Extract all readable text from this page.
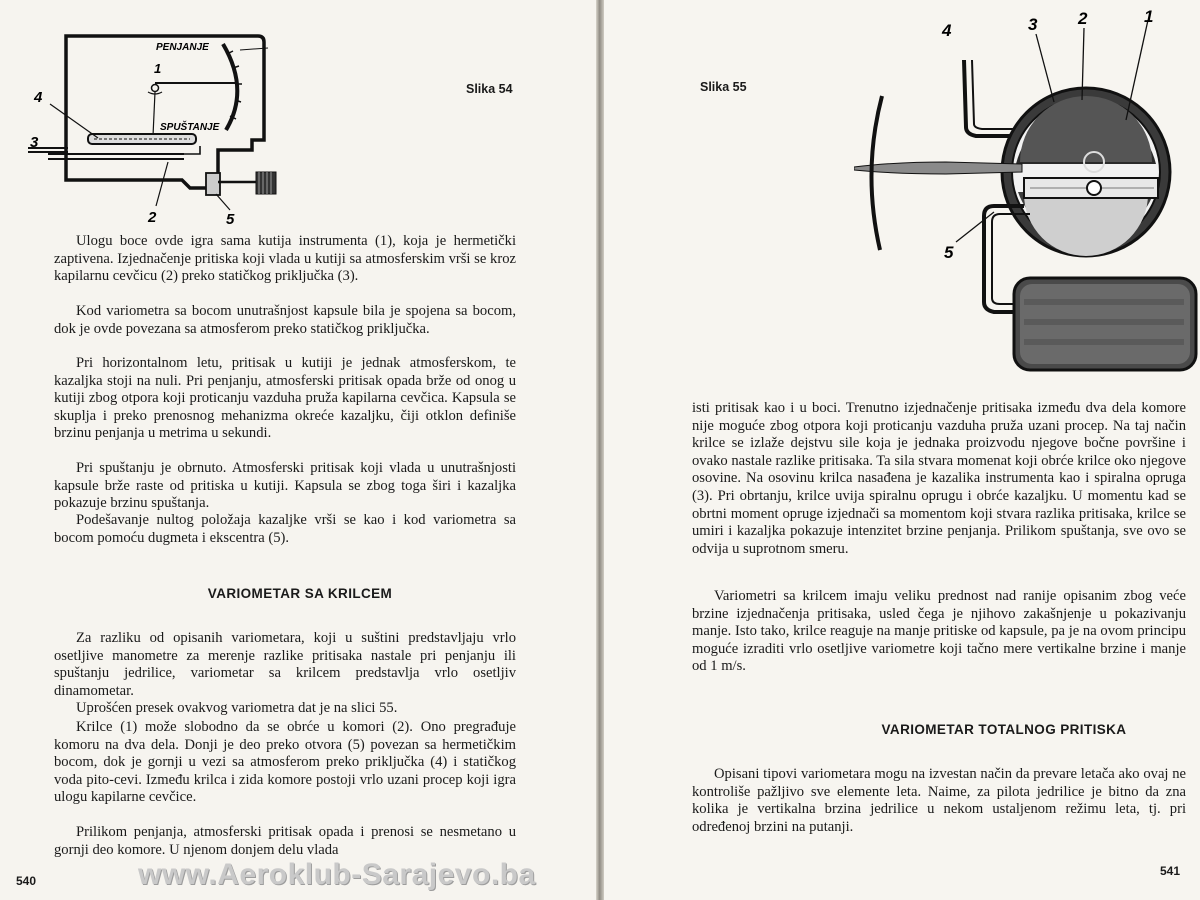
PENJANJE
1
4
SPUŠTANJE
3
2	5

Slika 54

Ulogu boce ovde igra sama kutija instrumenta (1), koja je hermetički zaptivena. Izjednačenje pritiska koji vlada u kutiji sa atmosferskim vrši se kroz kapilarnu cevčicu (2) preko statičkog priključka (3).

Kod variometra sa bocom unutrašnjost kapsule bila je spojena sa bocom, dok je ovde povezana sa atmosferom preko statičkog priključka.

Pri horizontalnom letu, pritisak u kutiji je jednak atmosferskom, te kazaljka stoji na nuli. Pri penjanju, atmosferski pritisak opada brže od onog u kutiji zbog otpora koji proticanju vazduha pruža kapilarna cevčica. Kapsula se skuplja i preko prenosnog mehanizma okreće kazaljku, čiji otklon definiše brzinu penjanja u metrima u sekundi.

Pri spuštanju je obrnuto. Atmosferski pritisak koji vlada u unutrašnjosti kapsule brže raste od pritiska u kutiji. Kapsula se zbog toga širi i kazaljka pokazuje brzinu spuštanja.

Podešavanje nultog položaja kazaljke vrši se kao i kod variometra sa bocom pomoću dugmeta i ekscentra (5).

VARIOMETAR SA KRILCEM

Za razliku od opisanih variometara, koji u suštini predstavljaju vrlo osetljive manometre za merenje razlike pritisaka nastale pri penjanju ili spuštanju jedrilice, variometar sa krilcem predstavlja vrlo osetljiv dinamometar.

Uprošćen presek ovakvog variometra dat je na slici 55.

Krilce (1) može slobodno da se obrće u komori (2). Ono pregrađuje komoru na dva dela. Donji je deo preko otvora (5) povezan sa hermetičkim bocom, dok je gornji u vezi sa atmosferom preko priključka (4) i statičkog voda pito-cevi. Između krilca i zida komore postoji vrlo uzani procep koji igra ulogu kapilarne cevčice.

Prilikom penjanja, atmosferski pritisak opada i prenosi se nesmetano u gornji deo komore. U njenom donjem delu vlada

540	www.Aeroklub-Sarajevo.ba

Slika 55

4	3 2	1
5

isti pritisak kao i u boci. Trenutno izjednačenje pritisaka između dva dela komore nije moguće zbog otpora koji proticanju vazduha pruža uzani procep. Na taj način krilce se izlaže dejstvu sile koja je jednaka proizvodu njegove bočne površine i ovako nastale razlike pritisaka. Ta sila stvara momenat koji obrće krilce oko njegove osovine. Na osovinu krilca nasađena je kazalika instrumenta kao i spiralna opruga (3). Pri obrtanju, krilce uvija spiralnu oprugu i obrće kazaljku. U momentu kad se obrtni moment opruge izjednači sa momentom koji stvara razlika pritisaka, krilce se umiri i kazaljka pokazuje intenzitet brzine penjanja. Prilikom spuštanja, sve ovo se odvija u suprotnom smeru.

Variometri sa krilcem imaju veliku prednost nad ranije opisanim zbog veće brzine izjednačenja pritisaka, usled čega je njihovo zakašnjenje u pokazivanju manje. Isto tako, krilce reaguje na manje pritiske od kapsule, pa je na ovom principu moguće izraditi vrlo osetljive variometre koji tačno mere vertikalne brzine i manje od 1 m/s.

VARIOMETAR TOTALNOG PRITISKA

Opisani tipovi variometara mogu na izvestan način da prevare letača ako ovaj ne kontroliše pažljivo sve elemente leta. Naime, za pilota jedrilice je bitno da zna kolika je vertikalna brzina jedrilice u nekom ustaljenom režimu leta, tj. pri određenoj brzini na putanji.

541
